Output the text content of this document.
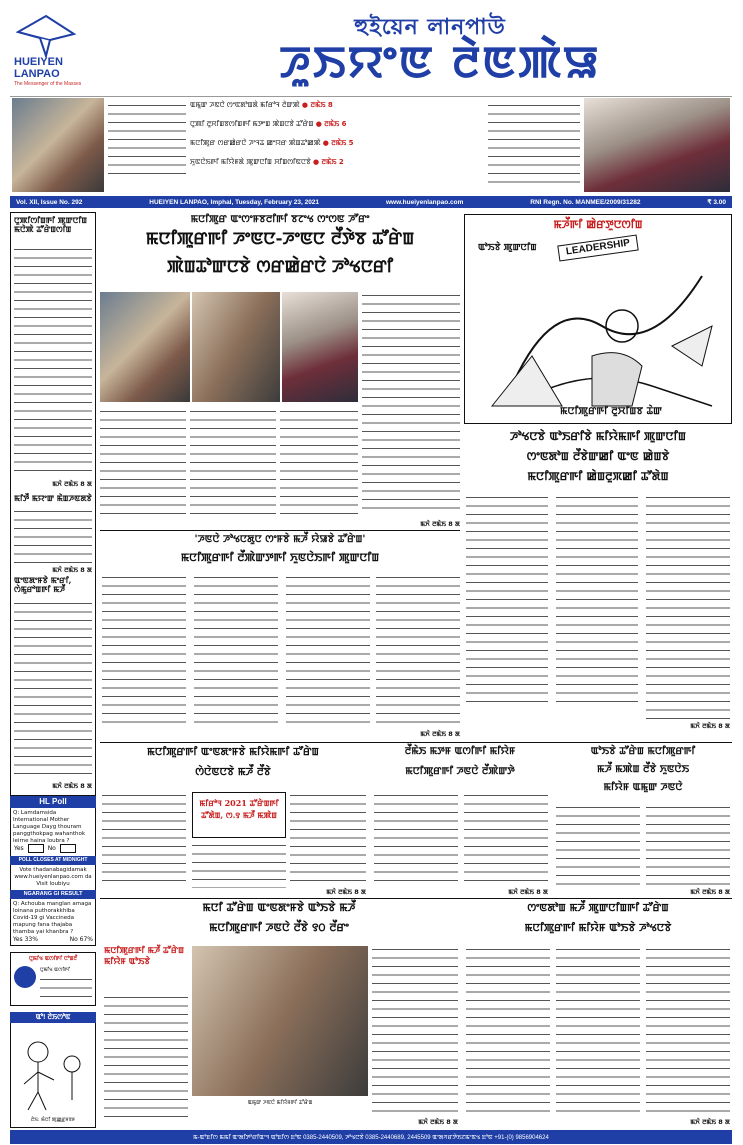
HUEIYEN
LANPAO
The Messenger of the Masses
হুইয়েন লানপাউ
ꯍꯨꯏꯌꯦꯟ ꯂꯥꯟꯄꯥꯎ
ꯑꯃꯨꯛ ꯍꯟꯅꯥ ꯁꯦꯟꯗꯣꯡꯗꯥ ꯃꯤꯔꯣꯜ ꯂꯥꯛꯄꯥ ● ꯂꯃꯥꯏ 8
ꯅꯨꯄꯤ ꯂꯨꯆꯤꯡꯕꯁꯤꯡꯒꯤ ꯃꯇꯦꯡ ꯄꯥꯡꯅꯕꯥ ꯊꯧꯔꯥꯡ ● ꯂꯃꯥꯏ 6
ꯃꯅꯤꯄꯨꯔ ꯁꯔꯀꯥꯔꯅꯥ ꯍꯦꯜꯊ ꯀꯦꯌꯔ ꯄꯥꯡꯊꯣꯀꯄꯥ ● ꯂꯃꯥꯏ 5
ꯈꯨꯟꯅꯥꯏꯒꯤ ꯃꯤꯌꯥꯝꯗꯥ ꯄꯨꯛꯅꯤꯡ ꯆꯤꯡꯁꯤꯟꯅꯕꯥ ● ꯂꯃꯥꯏ 2
Vol. XII, Issue No. 292	HUEIYEN LANPAO, Imphal, Tuesday, February 23, 2021	www.hueiyenlanpao.com	RNI Regn. No. MANMEE/2009/31282	₹ 3.00
ꯅꯨꯄꯤꯁꯤꯡꯒꯤ ꯄꯨꯛꯅꯤꯡ ꯃꯅꯥꯄꯥ ꯊꯧꯔꯥꯡꯁꯤꯡ
ꯃꯈꯥ ꯂꯃꯥꯏ 8 ꯗ
ꯃꯤꯇꯩ ꯃꯌꯦꯛ ꯃꯥꯡꯍꯟꯗꯕꯥ
ꯃꯈꯥ ꯂꯃꯥꯏ 8 ꯗ
ꯑꯦꯟꯗꯦꯝꯕꯥ ꯃꯦꯔꯤ, ꯁꯥꯃꯨꯔꯣꯡꯒꯤ ꯃꯍꯩ
ꯃꯈꯥ ꯂꯃꯥꯏ 8 ꯗ
HL Poll
Q: Lamdamsida International Mother Language Dayg thouram panggthokpag wahanthok leirne haina loubra ?
Yes	No
POLL CLOSES AT MIDNIGHT
Vote thadanabagidamak www.hueiyenlanpao.com da Visit loubiyu
NGARANG GI RESULT
Q: Achouba manglan amaga loinana puthorakkhiba Covid-19 gi Vaccineda mapung fana thajaba thamba yai khanbra ?
Yes 33%	No 67%
ꯅꯨꯃꯤꯠ ꯑꯁꯤꯒꯤ ꯅꯣꯡꯂꯩ
ꯅꯨꯃꯤꯠ ꯑꯁꯤꯒꯤ
ꯑꯣ! ꯂꯥꯏꯁꯣꯟ
ꯂꯥꯏ: ꯃꯥꯅꯤ ꯄꯨꯀ꯭ꯔꯝꯕꯝ
ꯃꯅꯤꯄꯨꯔ ꯑꯦꯁꯦꯝꯕꯂꯤꯒꯤ ꯕꯖꯦꯠ ꯁꯦꯁꯟ ꯍꯧꯔꯦ
ꯃꯅꯤꯄꯨꯔꯒꯤ ꯍꯦꯟꯅ-ꯍꯦꯟꯅ ꯂꯩꯇꯥꯕ ꯊꯧꯔꯥꯡ
ꯄꯥꯡꯊꯣꯛꯅꯕꯥ ꯁꯔꯀꯥꯔꯅꯥ ꯍꯣꯠꯅꯔꯤ
ꯃꯈꯥ ꯂꯃꯥꯏ 8 ꯗ
ꯃꯍꯩꯒꯤ ꯀꯥꯔꯇꯨꯅꯁꯤꯡ
LEADERSHIP
ꯑꯣꯏꯕꯥ ꯄꯨꯛꯅꯤꯡ
ꯃꯅꯤꯄꯨꯔꯒꯤ ꯂꯨꯆꯤꯡꯕ ꯊꯥꯛ
ꯍꯣꯠꯅꯕꯥ ꯑꯣꯏꯔꯤꯕꯥ ꯃꯤꯌꯥꯃꯒꯤ ꯄꯨꯛꯅꯤꯡ
ꯁꯦꯟꯗꯣꯡ ꯂꯩꯕꯥꯛꯀꯤ ꯑꯦꯟ ꯀꯥꯡꯕꯥ
ꯃꯅꯤꯄꯨꯔꯒꯤ ꯀꯥꯡꯂꯨꯞꯀꯤ ꯊꯧꯗꯥꯡ
ꯃꯈꯥ ꯂꯃꯥꯏ 8 ꯗ
'ꯍꯟꯅꯥ ꯍꯣꯠꯅꯗꯨꯅ ꯁꯦꯝꯕꯥ ꯃꯍꯩ ꯌꯥꯎꯕꯥ ꯊꯧꯔꯥꯡ'
ꯃꯅꯤꯄꯨꯔꯒꯤ ꯂꯩꯄꯥꯛꯇꯒꯤ ꯈꯨꯟꯅꯥꯏꯒꯤ ꯄꯨꯛꯅꯤꯡ
ꯃꯈꯥ ꯂꯃꯥꯏ 8 ꯗ
ꯃꯅꯤꯄꯨꯔꯒꯤ ꯑꯦꯟꯗꯦꯝꯕꯥ ꯃꯤꯌꯥꯃꯒꯤ ꯊꯧꯔꯥꯡ
ꯁꯥꯅꯥꯟꯅꯕꯥ ꯃꯍꯩ ꯂꯩꯕꯥ
ꯃꯤꯔꯣꯜ 2021 ꯊꯧꯔꯥꯡꯒꯤ ꯊꯧꯗꯥꯡ, ꯁ.꯱ ꯃꯍꯩ ꯃꯄꯥꯡ
ꯃꯈꯥ ꯂꯃꯥꯏ 8 ꯗ
ꯂꯩꯃꯥꯏ ꯃꯇꯝ ꯑꯁꯤꯒꯤ ꯃꯤꯌꯥꯝ
ꯃꯅꯤꯄꯨꯔꯒꯤ ꯍꯟꯅꯥ ꯂꯩꯄꯥꯛꯇꯥ
ꯃꯈꯥ ꯂꯃꯥꯏ 8 ꯗ
ꯑꯣꯏꯕꯥ ꯊꯧꯔꯥꯡ ꯃꯅꯤꯄꯨꯔꯒꯤ
ꯃꯍꯩ ꯃꯄꯥꯡ ꯂꯩꯕꯥ ꯈꯨꯟꯅꯥꯏ
ꯃꯤꯌꯥꯝ ꯑꯃꯨꯛ ꯍꯟꯅꯥ
ꯃꯈꯥ ꯂꯃꯥꯏ 8 ꯗ
ꯃꯅꯤ ꯊꯧꯔꯥꯡ ꯑꯦꯟꯗꯦꯝꯕꯥ ꯑꯣꯏꯕꯥ ꯃꯍꯩ
ꯃꯅꯤꯄꯨꯔꯒꯤ ꯍꯟꯅꯥ ꯂꯩꯕꯥ ꯱꯰ ꯂꯩꯔꯦ
ꯃꯅꯤꯄꯨꯔꯒꯤ ꯃꯍꯩ ꯊꯧꯔꯥꯡ ꯃꯤꯌꯥꯝ ꯑꯣꯏꯕꯥ
ꯑꯃꯨꯛ ꯍꯟꯅꯥ ꯃꯤꯌꯥꯝꯒꯤ ꯊꯧꯔꯥꯡ
ꯃꯈꯥ ꯂꯃꯥꯏ 8 ꯗ
ꯁꯦꯟꯗꯣꯡ ꯃꯍꯩ ꯄꯨꯛꯅꯤꯡꯒꯤ ꯊꯧꯔꯥꯡ
ꯃꯅꯤꯄꯨꯔꯒꯤ ꯃꯤꯌꯥꯝ ꯑꯣꯏꯕꯥ ꯍꯣꯠꯅꯕꯥ
ꯃꯈꯥ ꯂꯃꯥꯏ 8 ꯗ
ꯃ-ꯑꯣꯐꯤꯁ ꯃꯃꯤ ꯑꯦꯗꯤꯇꯣꯔꯤꯑꯦꯜ ꯑꯣꯐꯤꯁ ꯐꯣꯟ 0385-2440509, ꯍꯣꯠꯅꯕꯥ 0385-2440689, 2445509 ꯑꯦꯗꯚꯔꯇꯥꯏꯖꯃꯦꯟꯠ ꯐꯣꯟ +91-(0) 9856904624
